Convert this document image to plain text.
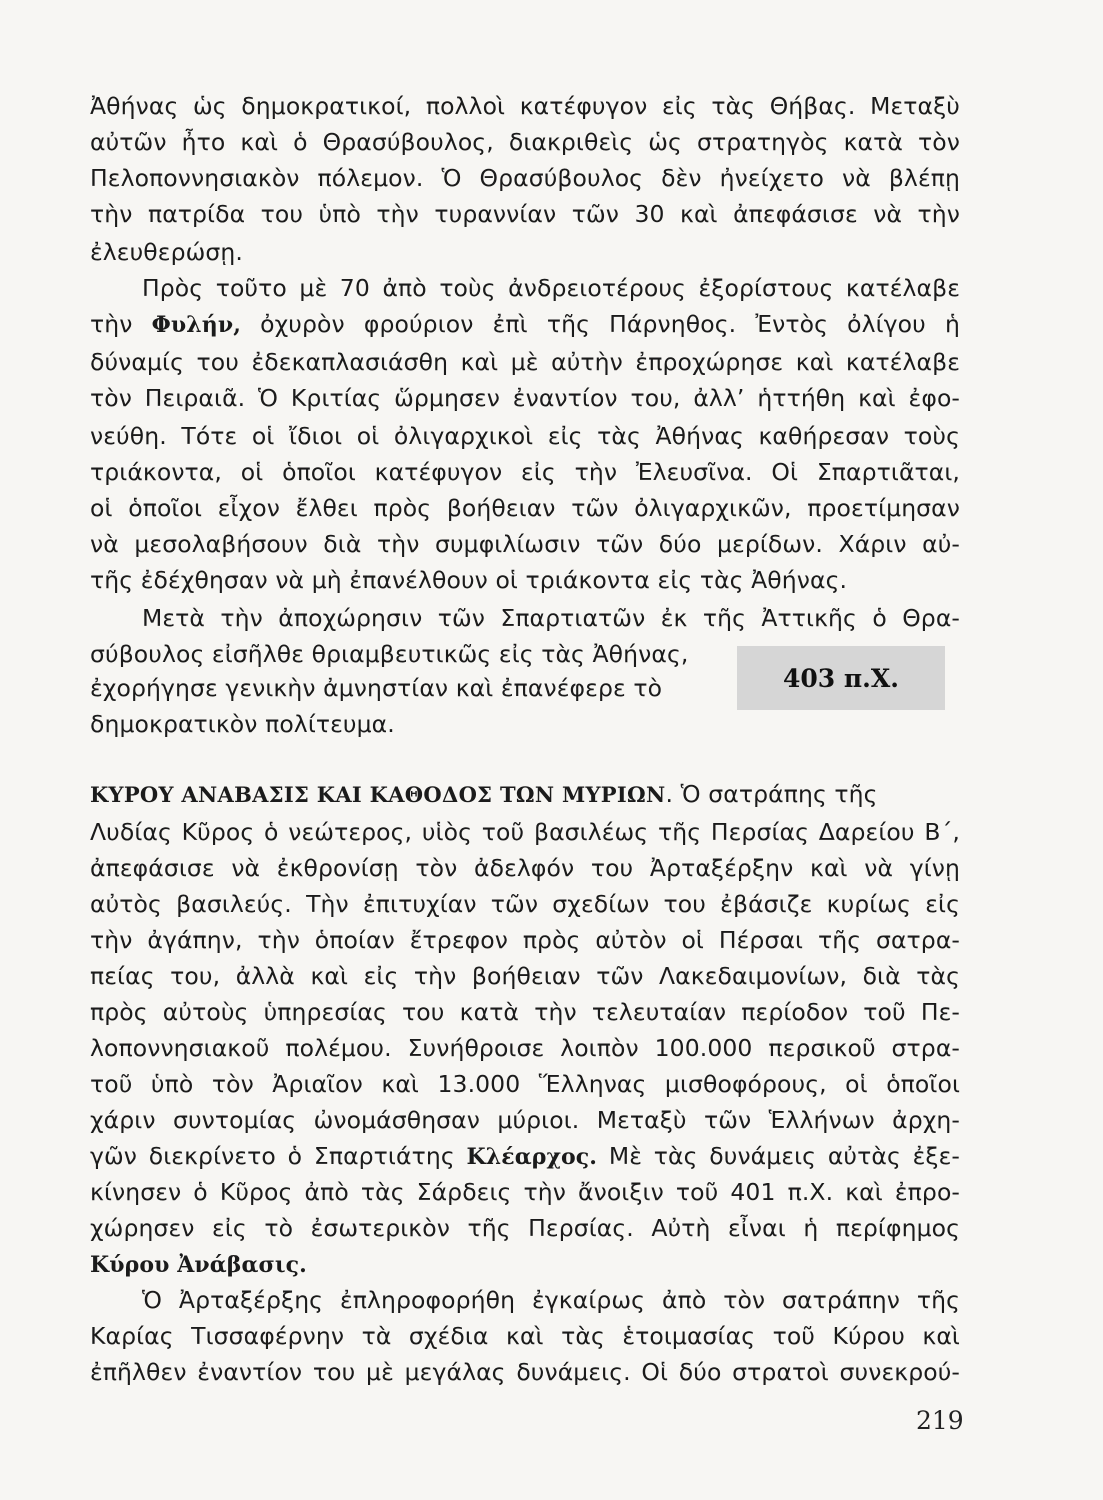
Ἀθήνας ὡς δημοκρατικοί, πολλοὶ κατέφυγον εἰς τὰς Θήβας. Μεταξὺ
αὐτῶν ἦτο καὶ ὁ Θρασύβουλος, διακριθεὶς ὡς στρατηγὸς κατὰ τὸν
Πελοποννησιακὸν πόλεμον. Ὁ Θρασύβουλος δὲν ἠνείχετο νὰ βλέπῃ
τὴν πατρίδα του ὑπὸ τὴν τυραννίαν τῶν 30 καὶ ἀπεφάσισε νὰ τὴν
ἐλευθερώσῃ.
Πρὸς τοῦτο μὲ 70 ἀπὸ τοὺς ἀνδρειοτέρους ἐξορίστους κατέλαβε
τὴν Φυλήν, ὀχυρὸν φρούριον ἐπὶ τῆς Πάρνηθος. Ἐντὸς ὀλίγου ἡ
δύναμίς του ἐδεκαπλασιάσθη καὶ μὲ αὐτὴν ἐπροχώρησε καὶ κατέλαβε
τὸν Πειραιᾶ. Ὁ Κριτίας ὥρμησεν ἐναντίον του, ἀλλ’ ἡττήθη καὶ ἐφο-
νεύθη. Τότε οἱ ἴδιοι οἱ ὀλιγαρχικοὶ εἰς τὰς Ἀθήνας καθήρεσαν τοὺς
τριάκοντα, οἱ ὁποῖοι κατέφυγον εἰς τὴν Ἐλευσῖνα. Οἱ Σπαρτιᾶται,
οἱ ὁποῖοι εἶχον ἔλθει πρὸς βοήθειαν τῶν ὀλιγαρχικῶν, προετίμησαν
νὰ μεσολαβήσουν διὰ τὴν συμφιλίωσιν τῶν δύο μερίδων. Χάριν αὐ-
τῆς ἐδέχθησαν νὰ μὴ ἐπανέλθουν οἱ τριάκοντα εἰς τὰς Ἀθήνας.
Μετὰ τὴν ἀποχώρησιν τῶν Σπαρτιατῶν ἐκ τῆς Ἀττικῆς ὁ Θρα-
σύβουλος εἰσῆλθε θριαμβευτικῶς εἰς τὰς Ἀθήνας,
ἐχορήγησε γενικὴν ἀμνηστίαν καὶ ἐπανέφερε τὸ
δημοκρατικὸν πολίτευμα.
403 π.Χ.
ΚΥΡΟΥ ΑΝΑΒΑΣΙΣ ΚΑΙ ΚΑΘΟΔΟΣ ΤΩΝ ΜΥΡΙΩΝ. Ὁ σατράπης τῆς
Λυδίας Κῦρος ὁ νεώτερος, υἱὸς τοῦ βασιλέως τῆς Περσίας Δαρείου Β΄,
ἀπεφάσισε νὰ ἐκθρονίσῃ τὸν ἀδελφόν του Ἀρταξέρξην καὶ νὰ γίνῃ
αὐτὸς βασιλεύς. Τὴν ἐπιτυχίαν τῶν σχεδίων του ἐβάσιζε κυρίως εἰς
τὴν ἀγάπην, τὴν ὁποίαν ἔτρεφον πρὸς αὐτὸν οἱ Πέρσαι τῆς σατρα-
πείας του, ἀλλὰ καὶ εἰς τὴν βοήθειαν τῶν Λακεδαιμονίων, διὰ τὰς
πρὸς αὐτοὺς ὑπηρεσίας του κατὰ τὴν τελευταίαν περίοδον τοῦ Πε-
λοποννησιακοῦ πολέμου. Συνήθροισε λοιπὸν 100.000 περσικοῦ στρα-
τοῦ ὑπὸ τὸν Ἀριαῖον καὶ 13.000 Ἕλληνας μισθοφόρους, οἱ ὁποῖοι
χάριν συντομίας ὠνομάσθησαν μύριοι. Μεταξὺ τῶν Ἑλλήνων ἀρχη-
γῶν διεκρίνετο ὁ Σπαρτιάτης Κλέαρχος. Μὲ τὰς δυνάμεις αὐτὰς ἐξε-
κίνησεν ὁ Κῦρος ἀπὸ τὰς Σάρδεις τὴν ἄνοιξιν τοῦ 401 π.Χ. καὶ ἐπρο-
χώρησεν εἰς τὸ ἐσωτερικὸν τῆς Περσίας. Αὐτὴ εἶναι ἡ περίφημος
Κύρου Ἀνάβασις.
Ὁ Ἀρταξέρξης ἐπληροφορήθη ἐγκαίρως ἀπὸ τὸν σατράπην τῆς
Καρίας Τισσαφέρνην τὰ σχέδια καὶ τὰς ἑτοιμασίας τοῦ Κύρου καὶ
ἐπῆλθεν ἐναντίον του μὲ μεγάλας δυνάμεις. Οἱ δύο στρατοὶ συνεκρού-
219
